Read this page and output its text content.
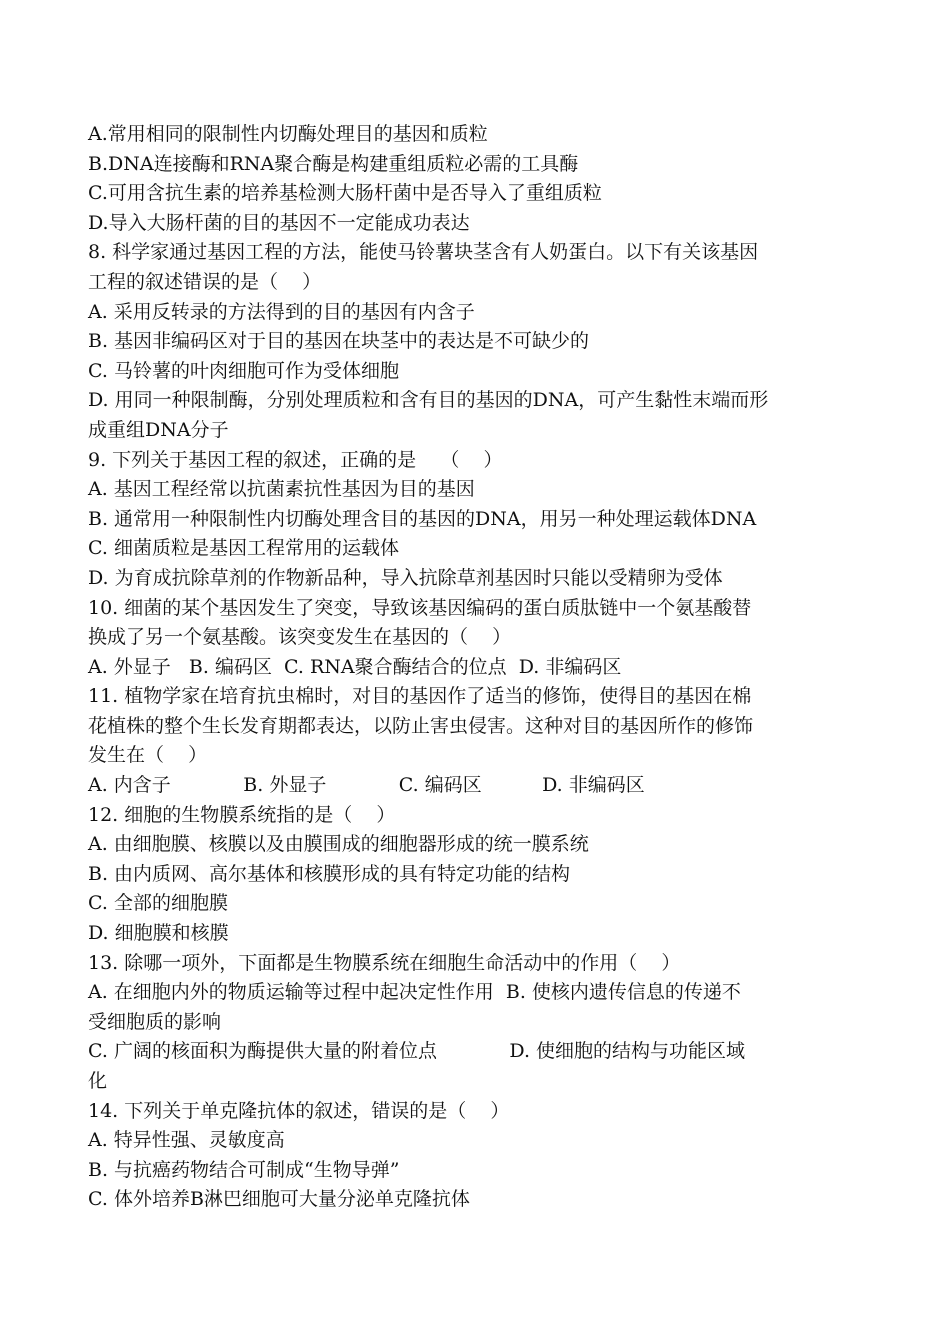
A.常用相同的限制性内切酶处理目的基因和质粒
B.DNA连接酶和RNA聚合酶是构建重组质粒必需的工具酶
C.可用含抗生素的培养基检测大肠杆菌中是否导入了重组质粒
D.导入大肠杆菌的目的基因不一定能成功表达
8. 科学家通过基因工程的方法，能使马铃薯块茎含有人奶蛋白。以下有关该基因
工程的叙述错误的是（    ）
A. 采用反转录的方法得到的目的基因有内含子
B. 基因非编码区对于目的基因在块茎中的表达是不可缺少的
C. 马铃薯的叶肉细胞可作为受体细胞
D. 用同一种限制酶，分别处理质粒和含有目的基因的DNA，可产生黏性末端而形
成重组DNA分子
9. 下列关于基因工程的叙述，正确的是    （    ）
A. 基因工程经常以抗菌素抗性基因为目的基因
B. 通常用一种限制性内切酶处理含目的基因的DNA，用另一种处理运载体DNA
C. 细菌质粒是基因工程常用的运载体
D. 为育成抗除草剂的作物新品种，导入抗除草剂基因时只能以受精卵为受体
10. 细菌的某个基因发生了突变，导致该基因编码的蛋白质肽链中一个氨基酸替
换成了另一个氨基酸。该突变发生在基因的（    ）
A. 外显子   B. 编码区  C. RNA聚合酶结合的位点  D. 非编码区
11. 植物学家在培育抗虫棉时，对目的基因作了适当的修饰，使得目的基因在棉
花植株的整个生长发育期都表达，以防止害虫侵害。这种对目的基因所作的修饰
发生在（    ）
A. 内含子            B. 外显子            C. 编码区          D. 非编码区
12. 细胞的生物膜系统指的是（    ）
A. 由细胞膜、核膜以及由膜围成的细胞器形成的统一膜系统
B. 由内质网、高尔基体和核膜形成的具有特定功能的结构
C. 全部的细胞膜
D. 细胞膜和核膜
13. 除哪一项外，下面都是生物膜系统在细胞生命活动中的作用（    ）
A. 在细胞内外的物质运输等过程中起决定性作用  B. 使核内遗传信息的传递不
受细胞质的影响
C. 广阔的核面积为酶提供大量的附着位点            D. 使细胞的结构与功能区域
化
14. 下列关于单克隆抗体的叙述，错误的是（    ）
A. 特异性强、灵敏度高
B. 与抗癌药物结合可制成“生物导弹”
C. 体外培养B淋巴细胞可大量分泌单克隆抗体
